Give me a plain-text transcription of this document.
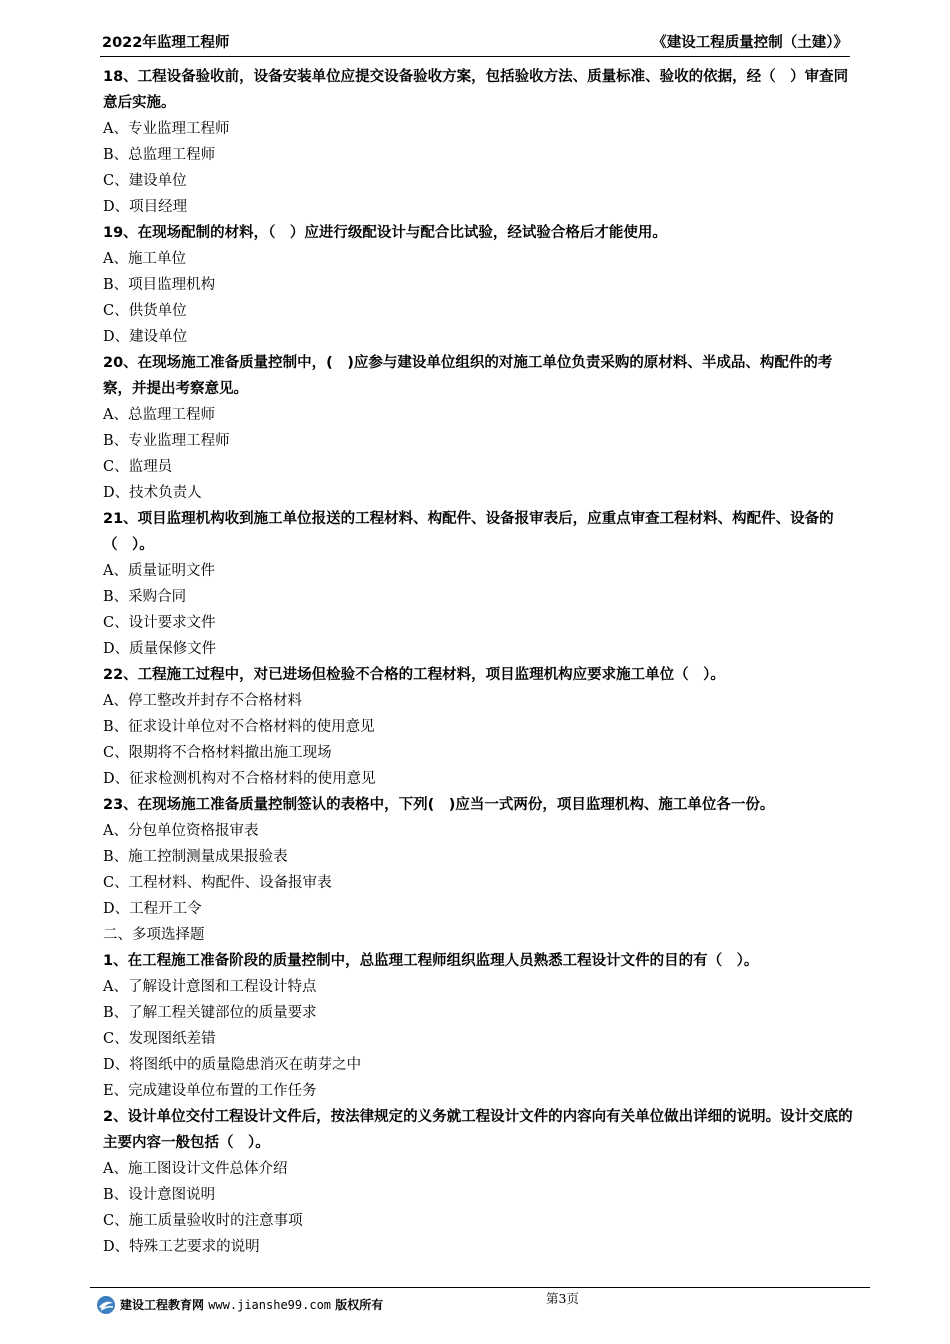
2022年监理工程师	《建设工程质量控制（土建）》
18、工程设备验收前，设备安装单位应提交设备验收方案，包括验收方法、质量标准、验收的依据，经（　）审查同意后实施。
A、专业监理工程师
B、总监理工程师
C、建设单位
D、项目经理
19、在现场配制的材料，（　）应进行级配设计与配合比试验，经试验合格后才能使用。
A、施工单位
B、项目监理机构
C、供货单位
D、建设单位
20、在现场施工准备质量控制中，(　)应参与建设单位组织的对施工单位负责采购的原材料、半成品、构配件的考察，并提出考察意见。
A、总监理工程师
B、专业监理工程师
C、监理员
D、技术负责人
21、项目监理机构收到施工单位报送的工程材料、构配件、设备报审表后，应重点审查工程材料、构配件、设备的（　）。
A、质量证明文件
B、采购合同
C、设计要求文件
D、质量保修文件
22、工程施工过程中，对已进场但检验不合格的工程材料，项目监理机构应要求施工单位（　）。
A、停工整改并封存不合格材料
B、征求设计单位对不合格材料的使用意见
C、限期将不合格材料撤出施工现场
D、征求检测机构对不合格材料的使用意见
23、在现场施工准备质量控制签认的表格中，下列(　)应当一式两份，项目监理机构、施工单位各一份。
A、分包单位资格报审表
B、施工控制测量成果报验表
C、工程材料、构配件、设备报审表
D、工程开工令
二、多项选择题
1、在工程施工准备阶段的质量控制中，总监理工程师组织监理人员熟悉工程设计文件的目的有（　）。
A、了解设计意图和工程设计特点
B、了解工程关键部位的质量要求
C、发现图纸差错
D、将图纸中的质量隐患消灭在萌芽之中
E、完成建设单位布置的工作任务
2、设计单位交付工程设计文件后，按法律规定的义务就工程设计文件的内容向有关单位做出详细的说明。设计交底的主要内容一般包括（　）。
A、施工图设计文件总体介绍
B、设计意图说明
C、施工质量验收时的注意事项
D、特殊工艺要求的说明
建设工程教育网 www.jianshe99.com 版权所有	第3页
